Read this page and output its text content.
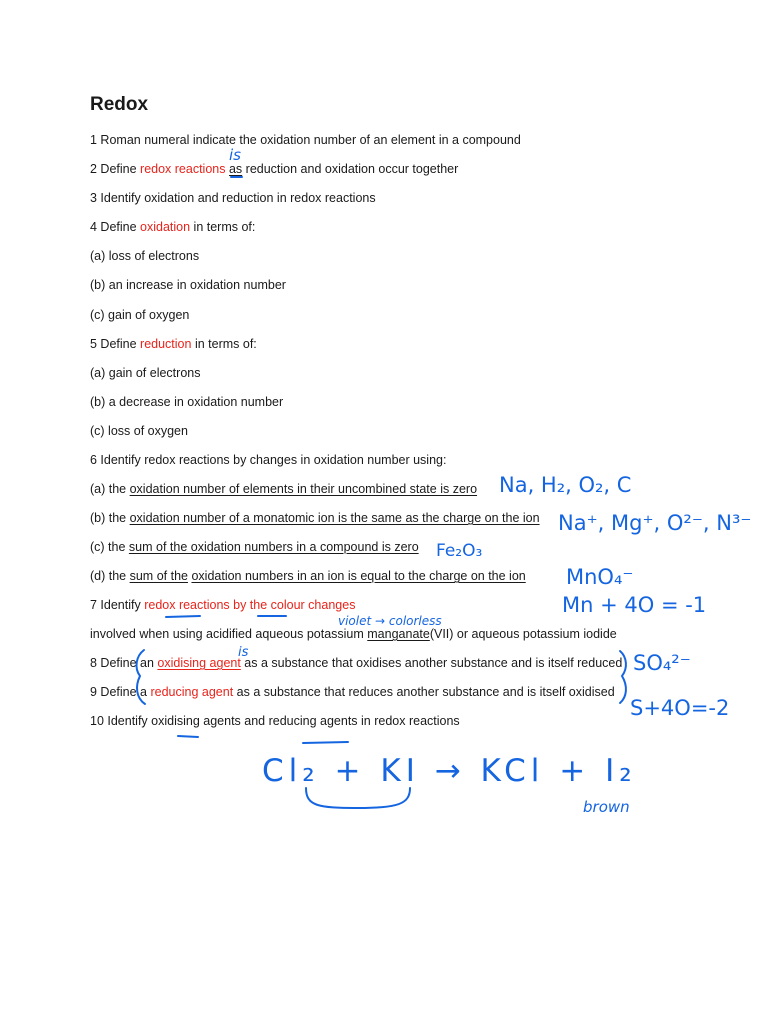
Redox
1 Roman numeral indicate the oxidation number of an element in a compound
2 Define redox reactions as reduction and oxidation occur together
3 Identify oxidation and reduction in redox reactions
4 Define oxidation in terms of:
(a) loss of electrons
(b) an increase in oxidation number
(c) gain of oxygen
5 Define reduction in terms of:
(a) gain of electrons
(b) a decrease in oxidation number
(c) loss of oxygen
6 Identify redox reactions by changes in oxidation number using:
(a) the oxidation number of elements in their uncombined state is zero
(b) the oxidation number of a monatomic ion is the same as the charge on the ion
(c) the sum of the oxidation numbers in a compound is zero
(d) the sum of the oxidation numbers in an ion is equal to the charge on the ion
7 Identify redox reactions by the colour changes
involved when using acidified aqueous potassium manganate(VII) or aqueous potassium iodide
8 Define an oxidising agent as a substance that oxidises another substance and is itself reduced
9 Define a reducing agent as a substance that reduces another substance and is itself oxidised
10 Identify oxidising agents and reducing agents in redox reactions
is
Na, H₂, O₂, C
Na⁺, Mg⁺, O²⁻, N³⁻
Fe₂O₃
MnO₄⁻
Mn + 4O = -1
violet → colorless
is	SO₄²⁻
S+4O=-2
Cl₂ + KI → KCl + I₂
brown
